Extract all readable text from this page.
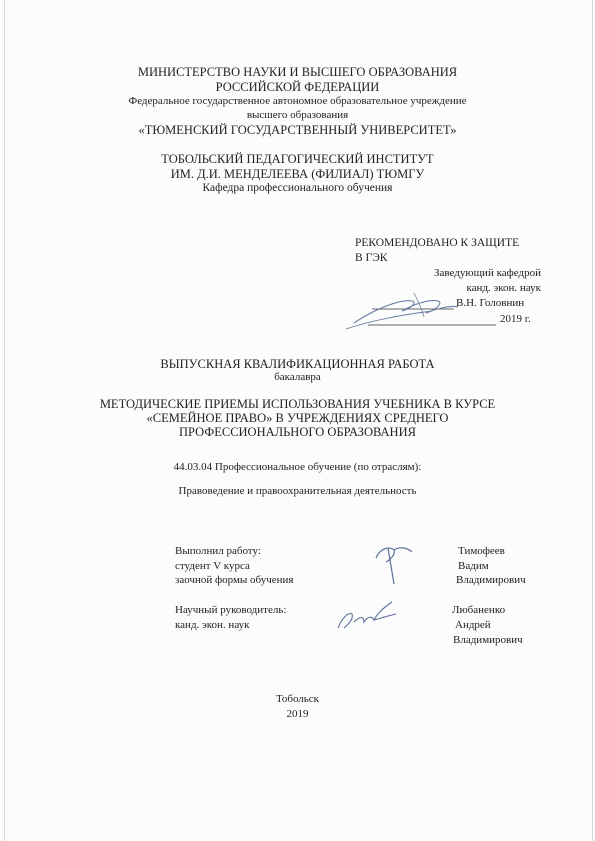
МИНИСТЕРСТВО НАУКИ И ВЫСШЕГО ОБРАЗОВАНИЯ
РОССИЙСКОЙ ФЕДЕРАЦИИ
Федеральное государственное автономное образовательное учреждение
высшего образования
«ТЮМЕНСКИЙ ГОСУДАРСТВЕННЫЙ УНИВЕРСИТЕТ»
ТОБОЛЬСКИЙ ПЕДАГОГИЧЕСКИЙ ИНСТИТУТ
ИМ. Д.И. МЕНДЕЛЕЕВА (ФИЛИАЛ) ТЮМГУ
Кафедра профессионального обучения
РЕКОМЕНДОВАНО К ЗАЩИТЕ
В ГЭК
Заведующий кафедрой
канд. экон. наук
В.Н. Головнин
2019 г.
ВЫПУСКНАЯ КВАЛИФИКАЦИОННАЯ РАБОТА
бакалавра
МЕТОДИЧЕСКИЕ ПРИЕМЫ ИСПОЛЬЗОВАНИЯ УЧЕБНИКА В КУРСЕ
«СЕМЕЙНОЕ ПРАВО» В УЧРЕЖДЕНИЯХ СРЕДНЕГО
ПРОФЕССИОНАЛЬНОГО ОБРАЗОВАНИЯ
44.03.04 Профессиональное обучение (по отраслям):
Правоведение и правоохранительная деятельность
Выполнил работу:
студент V курса
заочной формы обучения
Тимофеев
Вадим
Владимирович
Научный руководитель:
канд. экон. наук
Любаненко
Андрей
Владимирович
Тобольск
2019
